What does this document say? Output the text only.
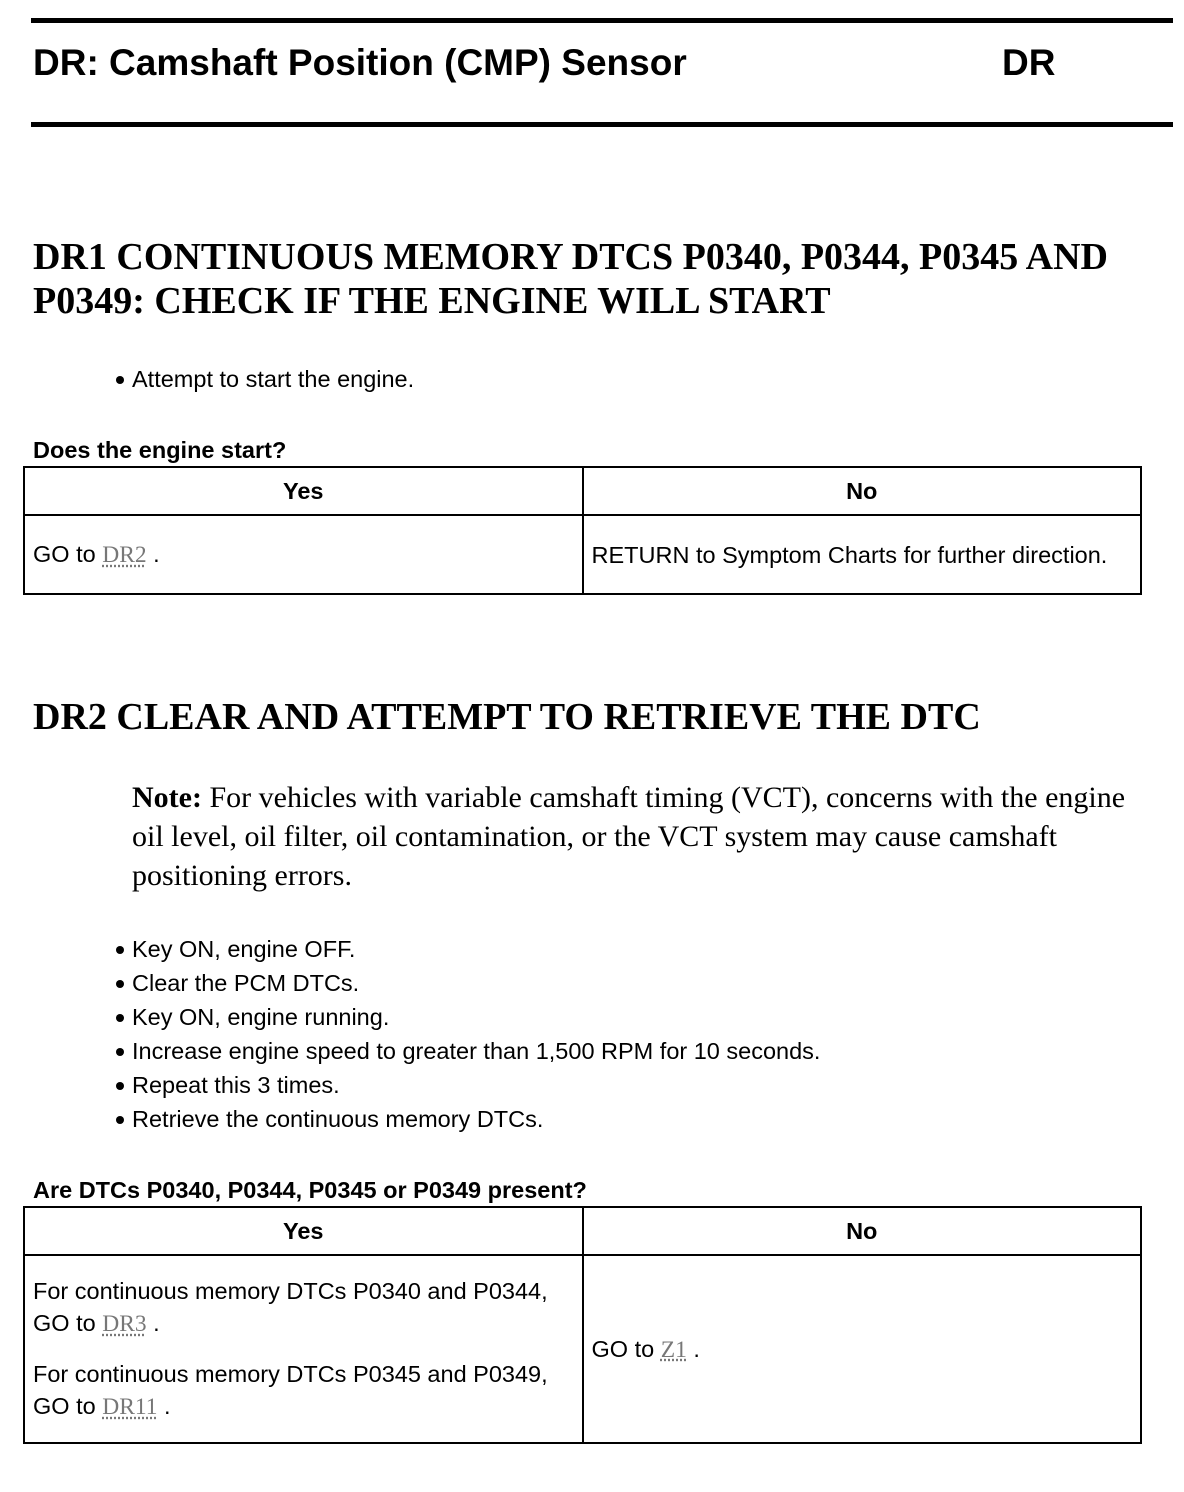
DR: Camshaft Position (CMP) Sensor	DR
DR1 CONTINUOUS MEMORY DTCS P0340, P0344, P0345 AND
P0349: CHECK IF THE ENGINE WILL START
Attempt to start the engine.
Does the engine start?
Yes	No
GO to DR2 .	RETURN to Symptom Charts for further direction.
DR2 CLEAR AND ATTEMPT TO RETRIEVE THE DTC
Note: For vehicles with variable camshaft timing (VCT), concerns with the engine oil level, oil filter, oil contamination, or the VCT system may cause camshaft positioning errors.
Key ON, engine OFF.
Clear the PCM DTCs.
Key ON, engine running.
Increase engine speed to greater than 1,500 RPM for 10 seconds.
Repeat this 3 times.
Retrieve the continuous memory DTCs.
Are DTCs P0340, P0344, P0345 or P0349 present?
Yes	No

For continuous memory DTCs P0340 and P0344, GO to DR3 .
For continuous memory DTCs P0345 and P0349, GO to DR11 .	GO to Z1 .
